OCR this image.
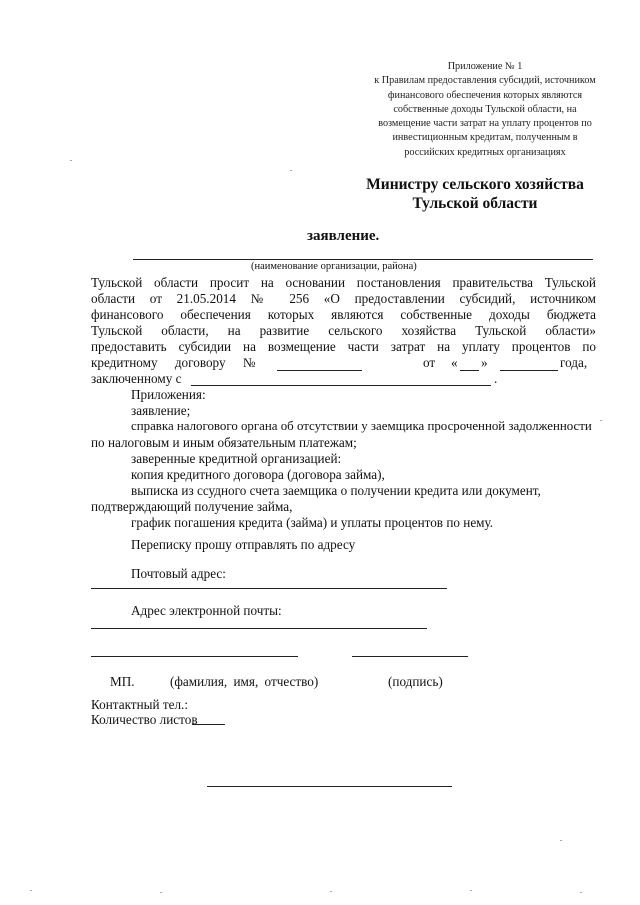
Приложение № 1
к Правилам предоставления субсидий, источником
финансового обеспечения которых являются
собственные доходы Тульской области, на
возмещение части затрат на уплату процентов по
инвестиционным кредитам, полученным в
российских кредитных организациях
Министру сельского хозяйства
Тульской области
заявление.
(наименование организации, района)
Тульской области просит на основании постановления правительства Тульской
области от 21.05.2014 № 256 «О предоставлении субсидий, источником
финансового обеспечения которых являются собственные доходы бюджета
Тульской области, на развитие сельского хозяйства Тульской области»
предоставить субсидии на возмещение части затрат на уплату процентов по
кредитному договору №	от « »	года,
заключенному с	.
Приложения:
заявление;
справка налогового органа об отсутствии у заемщика просроченной задолженности
по налоговым и иным обязательным платежам;
заверенные кредитной организацией:
копия кредитного договора (договора займа),
выписка из ссудного счета заемщика о получении кредита или документ,
подтверждающий получение займа,
график погашения кредита (займа) и уплаты процентов по нему.
Переписку прошу отправлять по адресу
Почтовый адрес:
Адрес электронной почты:
МП.	(фамилия, имя, отчество)	(подпись)
Контактный тел.:
Количество листов
